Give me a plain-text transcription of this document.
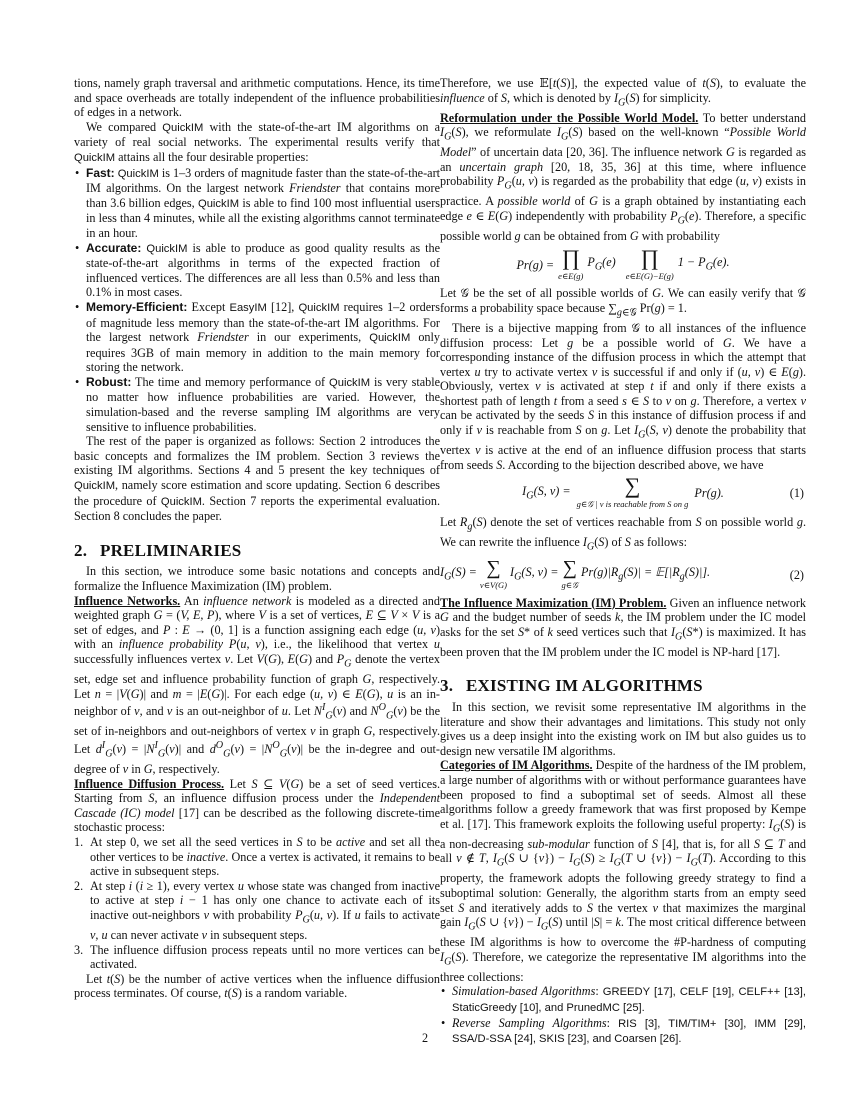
tions, namely graph traversal and arithmetic computations. Hence, its time and space overheads are totally independent of the influence probabilities of edges in a network.

We compared QuickIM with the state-of-the-art IM algorithms on a variety of real social networks. The experimental results verify that QuickIM attains all the four desirable properties:

• Fast: QuickIM is 1–3 orders of magnitude faster than the state-of-the-art IM algorithms. On the largest network Friendster that contains more than 3.6 billion edges, QuickIM is able to find 100 most influential users in less than 4 minutes, while all the existing algorithms cannot terminate in an hour.
• Accurate: QuickIM is able to produce as good quality results as the state-of-the-art algorithms in terms of the expected fraction of influenced vertices. The differences are all less than 0.5% and less than 0.1% in most cases.
• Memory-Efficient: Except EasyIM [12], QuickIM requires 1–2 orders of magnitude less memory than the state-of-the-art IM algorithms. For the largest network Friendster in our experiments, QuickIM only requires 3GB of main memory in addition to the main memory for storing the network.
• Robust: The time and memory performance of QuickIM is very stable no matter how influence probabilities are varied. However, the simulation-based and the reverse sampling IM algorithms are very sensitive to influence probabilities.

The rest of the paper is organized as follows: Section 2 introduces the basic concepts and formalizes the IM problem. Section 3 reviews the existing IM algorithms. Sections 4 and 5 present the key techniques of QuickIM, namely score estimation and score updating. Section 6 describes the procedure of QuickIM. Section 7 reports the experimental evaluation. Section 8 concludes the paper.

2. PRELIMINARIES

In this section, we introduce some basic notations and concepts and formalize the Influence Maximization (IM) problem.

Influence Networks. An influence network is modeled as a directed and weighted graph G = (V, E, P), where V is a set of vertices, E ⊆ V × V is a set of edges, and P : E → (0, 1] is a function assigning each edge (u, v) with an influence probability P(u, v), i.e., the likelihood that vertex u successfully influences vertex v. Let V(G), E(G) and $P_G$ denote the vertex set, edge set and influence probability function of graph G, respectively. Let n = |V(G)| and m = |E(G)|. For each edge (u, v) ∈ E(G), u is an in-neighbor of v, and v is an out-neighbor of u. Let $N^I_G(v)$ and $N^O_G(v)$ be the set of in-neighbors and out-neighbors of vertex v in graph G, respectively. Let $d^I_G(v) = |N^I_G(v)|$ and $d^O_G(v) = |N^O_G(v)|$ be the in-degree and out-degree of v in G, respectively.

Influence Diffusion Process. Let S ⊆ V(G) be a set of seed vertices. Starting from S, an influence diffusion process under the Independent Cascade (IC) model [17] can be described as the following discrete-time stochastic process:

1. At step 0, we set all the seed vertices in S to be active and set all the other vertices to be inactive. Once a vertex is activated, it remains to be active in subsequent steps.
2. At step i (i ≥ 1), every vertex u whose state was changed from inactive to active at step i − 1 has only one chance to activate each of its inactive out-neighbors v with probability $P_G(u$, v). If u fails to activate v, u can never activate v in subsequent steps.
3. The influence diffusion process repeats until no more vertices can be activated.

Let t(S) be the number of active vertices when the influence diffusion process terminates. Of course, t(S) is a random variable.

Therefore, we use 𝔼[t(S)], the expected value of t(S), to evaluate the influence of S, which is denoted by $I_G(S)$ for simplicity.

Reformulation under the Possible World Model. To better understand $I_G(S)$, we reformulate $I_G(S)$ based on the well-known “Possible World Model” of uncertain data [20, 36]. The influence network G is regarded as an uncertain graph [20, 18, 35, 36] at this time, where influence probability $P_G(u$, v) is regarded as the probability that edge (u, v) exists in practice. A possible world of G is a graph obtained by instantiating each edge e ∈ E(G) independently with probability $P_G(e)$. Therefore, a specific possible world g can be obtained from G with probability

Pr(g) = ∏
e∈E(g)
$P_G(e)$ ∏
e∈E(G)−E(g)
$1 - P_G(e)$.

Let 𝒢 be the set of all possible worlds of G. We can easily verify that 𝒢 forms a probability space because $\sum_{g\in 𝒢}$ Pr(g) = 1.

There is a bijective mapping from 𝒢 to all instances of the influence diffusion process: Let g be a possible world of G. We have a corresponding instance of the diffusion process in which the attempt that vertex u try to activate vertex v is successful if and only if (u, v) ∈ E(g). Obviously, vertex v is activated at step t if and only if there exists a shortest path of length t from a seed s ∈ S to v on g. Therefore, a vertex v can be activated by the seeds S in this instance of diffusion process if and only if v is reachable from S on g. Let $I_G(S$, v) denote the probability that vertex v is active at the end of an influence diffusion process that starts from seeds S. According to the bijection described above, we have

$I_G(S$, v) = ∑
g∈𝒢 | v is reachable from S on g
Pr(g).	(1)

Let $R_g(S)$ denote the set of vertices reachable from S on possible world g. We can rewrite the influence $I_G(S)$ of S as follows:

$I_G(S)$ = ∑
v∈V(G)
$I_G(S$, v) = ∑
g∈𝒢
$Pr(g)|R_g(S)|$ = $𝔼[|R_g(S)|]$.	(2)

The Influence Maximization (IM) Problem. Given an influence network G and the budget number of seeds k, the IM problem under the IC model asks for the set S* of k seed vertices such that $I_G(S*)$ is maximized. It has been proven that the IM problem under the IC model is NP-hard [17].

3. EXISTING IM ALGORITHMS

In this section, we revisit some representative IM algorithms in the literature and show their advantages and limitations. This study not only gives us a deep insight into the existing work on IM but also guides us to design new versatile IM algorithms.

Categories of IM Algorithms. Despite of the hardness of the IM problem, a large number of algorithms with or without performance guarantees have been proposed to find a suboptimal set of seeds. Almost all these algorithms follow a greedy framework that was first proposed by Kempe et al. [17]. This framework exploits the following useful property: $I_G(S)$ is a non-decreasing sub-modular function of S [4], that is, for all S ⊆ T and all v ∉ T, $I_G(S$ ∪ $\{v\}) - I_G(S) \ge I_G(T$ ∪ $\{v\}) - I_G(T)$. According to this property, the framework adopts the following greedy strategy to find a suboptimal solution: Generally, the algorithm starts from an empty seed set S and iteratively adds to S the vertex v that maximizes the marginal gain $I_G(S$ ∪ $\{v\}) - I_G(S)$ until |S| = k. The most critical difference between these IM algorithms is how to overcome the #P-hardness of computing $I_G(S)$. Therefore, we categorize the representative IM algorithms into the three collections:

• Simulation-based Algorithms: GREEDY [17], CELF [19], CELF++ [13], StaticGreedy [10], and PrunedMC [25].
• Reverse Sampling Algorithms: RIS [3], TIM/TIM+ [30], IMM [29], SSA/D-SSA [24], SKIS [23], and Coarsen [26].
2
